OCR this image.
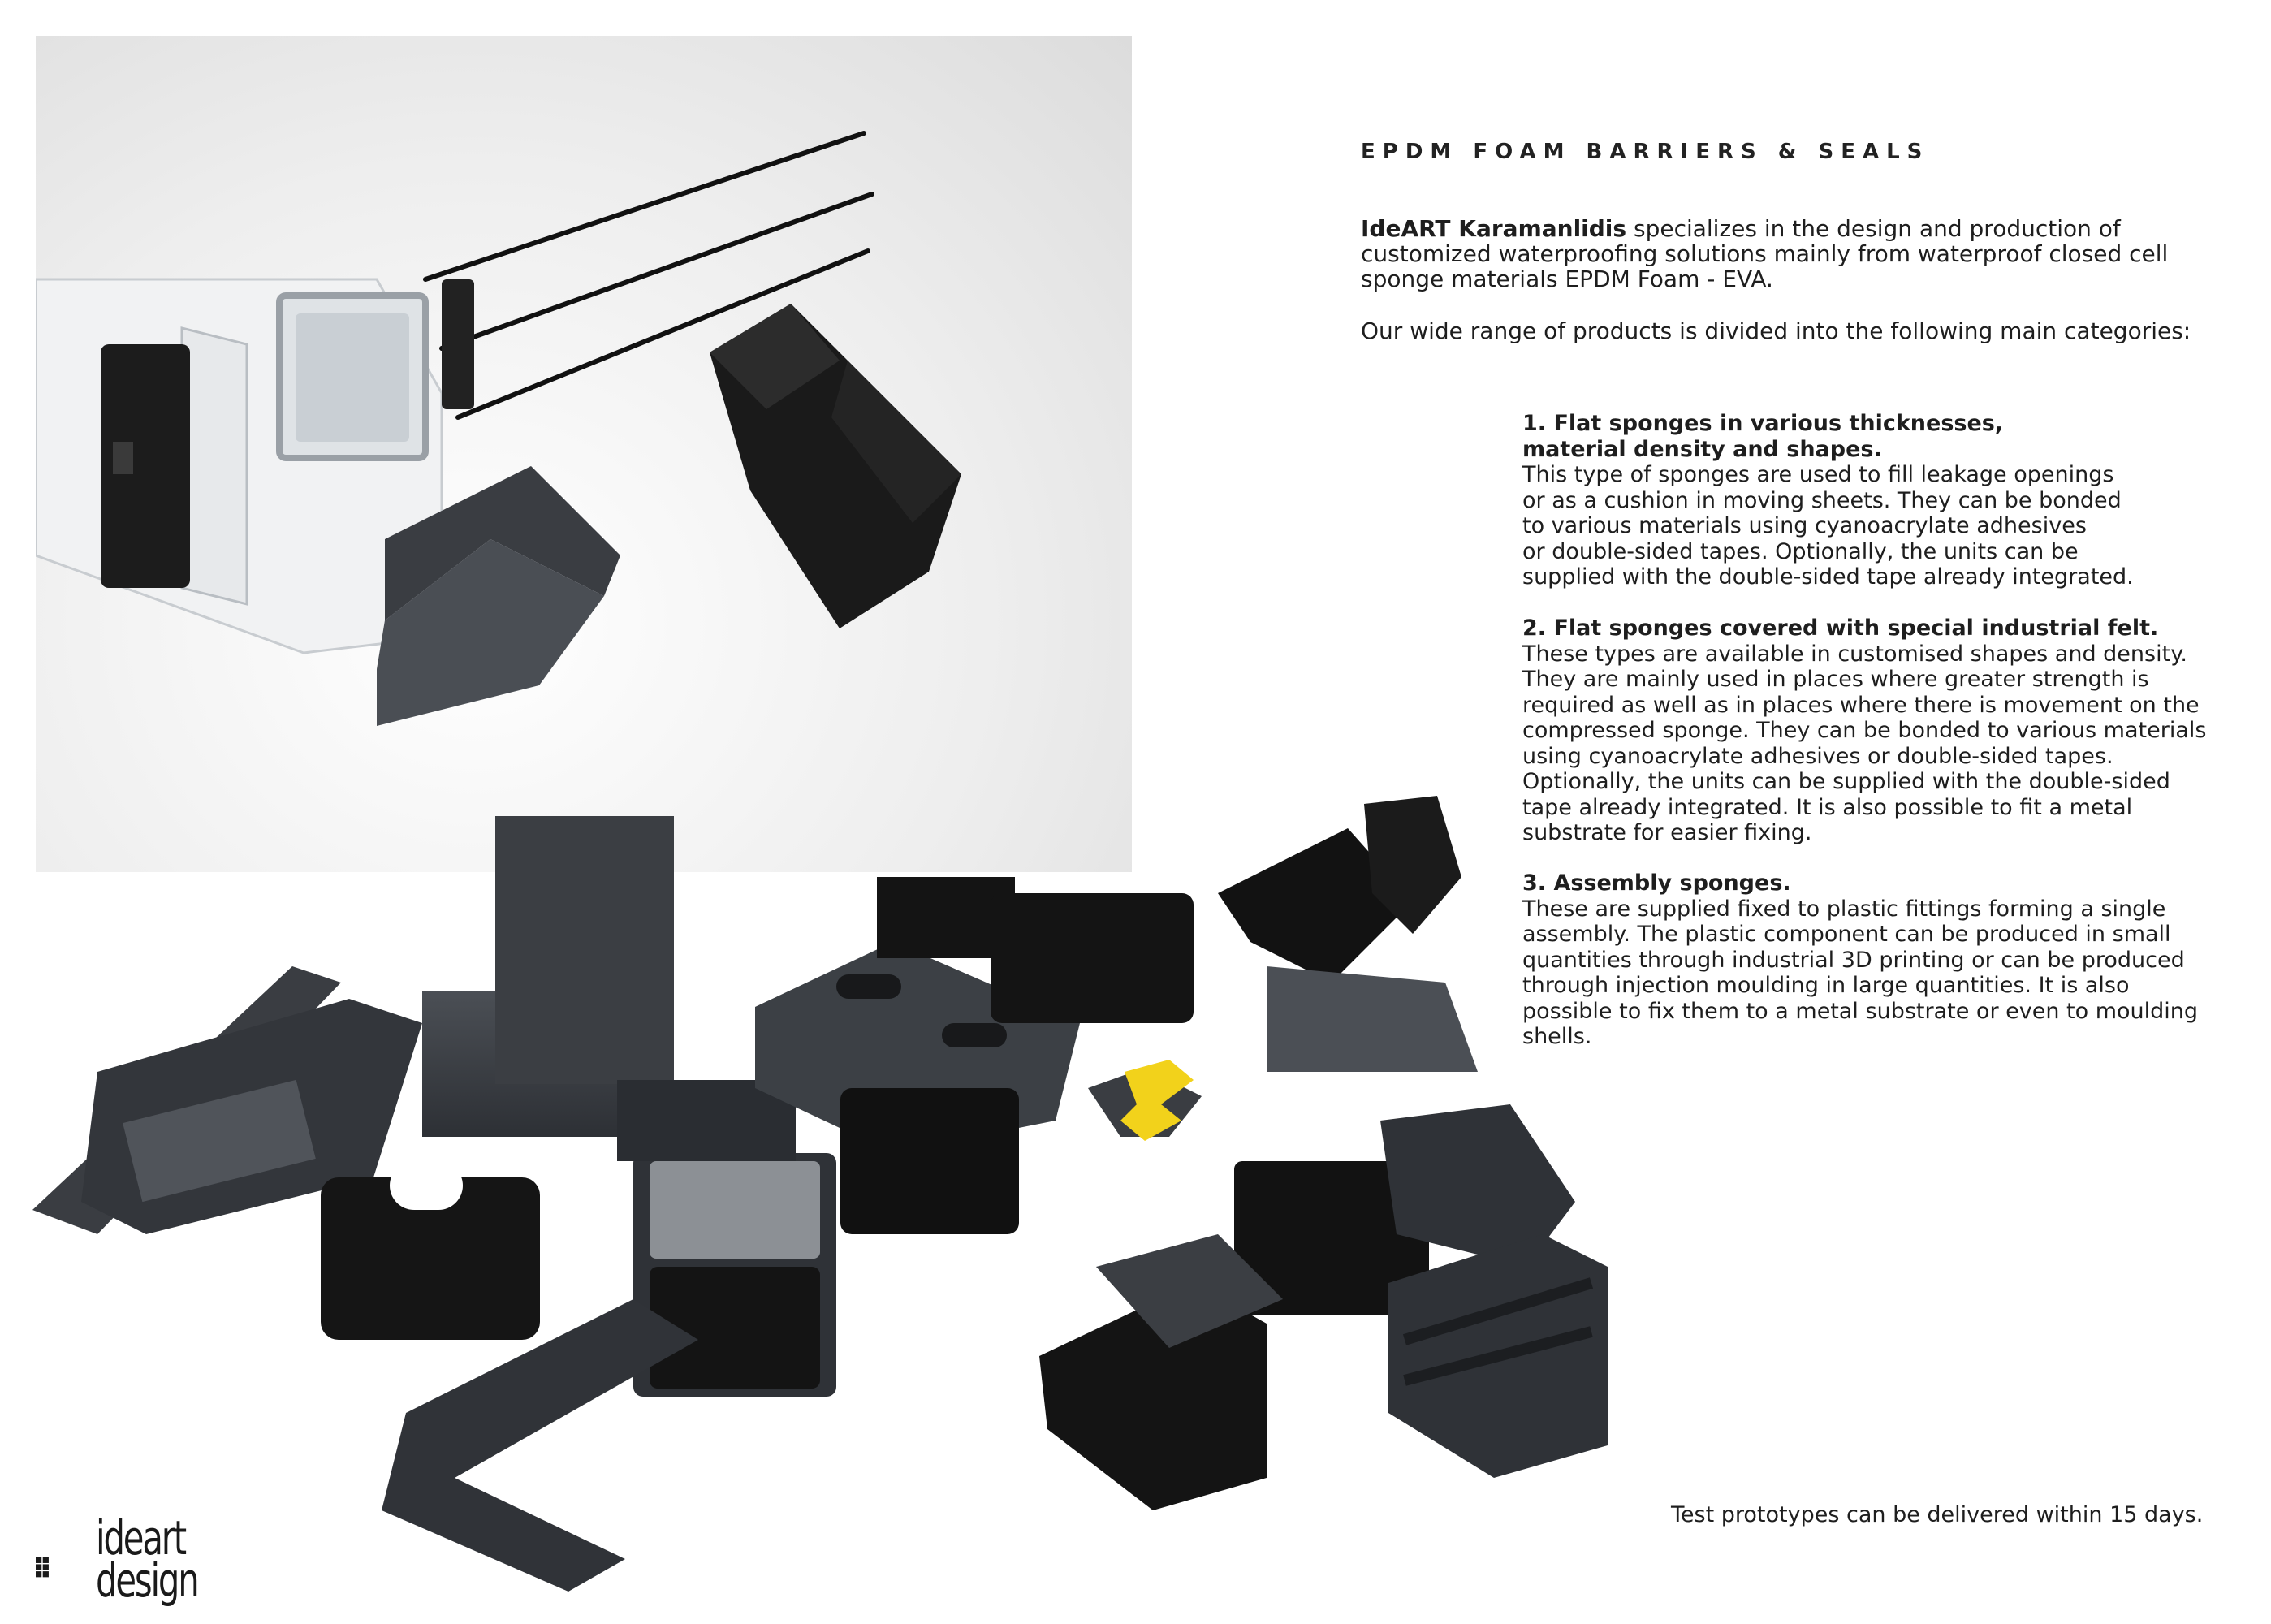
EPDM FOAM BARRIERS & SEALS

IdeART Karamanlidis specializes in the design and production of customized waterproofing solutions mainly from waterproof closed cell sponge materials EPDM Foam - EVA.

Our wide range of products is divided into the following main categories:

1. Flat sponges in various thicknesses,
material density and shapes.
This type of sponges are used to fill leakage openings
or as a cushion in moving sheets. They can be bonded
to various materials using cyanoacrylate adhesives
or double-sided tapes. Optionally, the units can be
supplied with the double-sided tape already integrated.
2. Flat sponges covered with special industrial felt.
These types are available in customised shapes and density.
They are mainly used in places where greater strength is
required as well as in places where there is movement on the
compressed sponge. They can be bonded to various materials
using cyanoacrylate adhesives or double-sided tapes.
Optionally, the units can be supplied with the double-sided
tape already integrated. It is also possible to fit a metal
substrate for easier fixing.
3. Assembly sponges.
These are supplied fixed to plastic fittings forming a single
assembly. The plastic component can be produced in small
quantities through industrial 3D printing or can be produced
through injection moulding in large quantities. It is also
possible to fix them to a metal substrate or even to moulding
shells.
Test prototypes can be delivered within 15 days.
ideart
design
